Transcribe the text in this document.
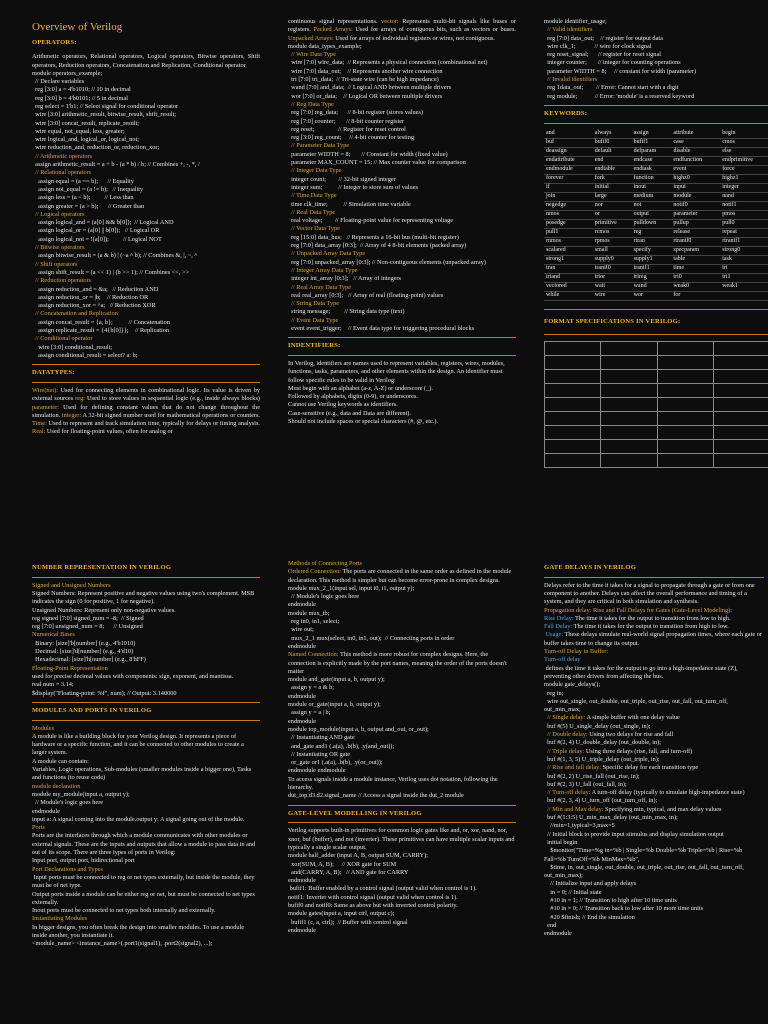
Overview of Verilog
OPERATORS:

Arithmetic operators, Relational operators, Logical operators, Bitwise operators, Shift operators, Reduction operators, Concatenation and Replication, Conditional operator

module operators_example;
// Declare variables
reg [3:0] a = 4'b1010; // 10 in decimal
reg [3:0] b = 4'b0101; // 5 in decimal
reg select = 1'b1; // Select signal for conditional operator
wire [3:0] arithmetic_result, bitwise_result, shift_result;
wire [3:0] concat_result, replicate_result;
wire equal, not_equal, less, greater;
wire logical_and, logical_or, logical_not;
wire reduction_and, reduction_or, reduction_xor;
// Arithmetic operators
assign arithmetic_result = a + b - (a * b) / b; // Combines +, -, *, /
// Relational operators
assign equal = (a == b);      // Equality
assign not_equal = (a != b);   // Inequality
assign less = (a < b);         // Less than
assign greater = (a > b);      // Greater than
// Logical operators
assign logical_and = (a[0] && b[0]);  // Logical AND
assign logical_or = (a[0] || b[0]);   // Logical OR
assign logical_not = !(a[0]);         // Logical NOT
// Bitwise operators
assign bitwise_result = (a & b) | (~a ^ b); // Combines &, |, ~, ^
// Shift operators
assign shift_result = (a << 1) | (b >> 1); // Combines <<, >>
// Reduction operators
assign reduction_and = &a;   // Reduction AND
assign reduction_or = |b;    // Reduction OR
assign reduction_xor = ^a;   // Reduction XOR
// Concatenation and Replication
assign concat_result = {a, b};          // Concatenation
assign replicate_result = {4{b[0]}};    // Replication
// Conditional operator
wire [3:0] conditional_result;
assign conditional_result = select? a: b;
DATATYPES:

Wire(net): Used for connecting elements in combinational logic. Its value is driven by external sources reg: Used to store values in sequential logic (e.g., inside always blocks) parameter: Used for defining constant values that do not change throughout the simulation. integer: A 32-bit signed number used for mathematical operations or counters. Time: Used to represent and track simulation time, typically for delays or timing analysis. Real: Used for floating-point values, often for analog or

NUMBER REPRESENTATION IN VERILOG
Signed and Unsigned Numbers
Signed Numbers: Represent positive and negative values using two's complement. MSB indicates the sign (0 for positive, 1 for negative).
Unsigned Numbers: Represent only non-negative values.
reg signed [7:0] signed_num = -8;  // Signed
reg [7:0] unsigned_num = 8;      // Unsigned
Numerical Bases
Binary: [size]'b[number] (e.g., 4'b1010)
Decimal: [size]'d[number] (e.g., 4'd10)
Hexadecimal: [size]'h[number] (e.g., 8'hFF)
Floating-Point Representation
used for precise decimal values with components: sign, exponent, and mantissa.
real num = 3.14;
$display("Floating-point: %f", num); // Output: 3.140000
MODULES AND PORTS IN VERILOG
Modules
A module is like a building block for your Verilog design. It represents a piece of hardware or a specific function, and it can be connected to other modules to create a larger system.
A module can contain:
Variables, Logic operations, Sub-modules (smaller modules inside a bigger one), Tasks and functions (to reuse code)
module declaration
module my_module(input a, output y);
// Module's logic goes here
endmodule
input a: A signal coming into the module.output y: A signal going out of the module.
Ports
Ports are the interfaces through which a module communicates with other modules or external signals. These are the inputs and outputs that allow a module to pass data in and out of its scope. There are three types of ports in Verilog:
Input port, output port, bidirectional port
Port Declarations and Types
Input ports must be connected to reg or net types externally, but inside the module, they must be of net type.
Output ports inside a module can be either reg or net, but must be connected to net types externally.
Inout ports must be connected to net types both internally and externally.
Instantiating Modules
In bigger designs, you often break the design into smaller modules. To use a module inside another, you instantiate it.
<module_name> <instance_name>(.port1(signal1), .port2(signal2), ...);

continuous signal representations. vector: Represents multi-bit signals like buses or registers. Packed Arrays: Used for arrays of contiguous bits, such as vectors or buses. Unpacked Arrays: Used for arrays of individual registers or wires, not contiguous.

module data_types_example;
// Wire Data Type
wire [7:0] wire_data;  // Represents a physical connection (combinational net)
wire [7:0] data_out;    // Represents another wire connection
tri [7:0] tri_data;  // Tri-state wire (can be high impedance)
wand [7:0] and_data;  // Logical AND between multiple drivers
wor [7:0] or_data;    // Logical OR between multiple drivers
// Reg Data Type
reg [7:0] reg_data;      // 8-bit register (stores values)
reg [7:0] counter;       // 8-bit counter register
reg reset;               // Register for reset control
reg [3:0] reg_count;     // 4-bit counter for testing
// Parameter Data Type
parameter WIDTH = 8;       // Constant for width (fixed value)
parameter MAX_COUNT = 15; // Max counter value for comparison
// Integer Data Type
integer count;        // 32-bit signed integer
integer sum;          // Integer to store sum of values
// Time Data Type
time clk_time;          // Simulation time variable
// Real Data Type
real voltage;        // Floating-point value for representing voltage
// Vector Data Type
reg [15:0] data_bus;   // Represents a 16-bit bus (multi-bit register)
reg [7:0] data_array [0:3];  // Array of 4 8-bit elements (packed array)
// Unpacked Array Data Type
reg [7:0] unpacked_array [0:3]; // Non-contiguous elements (unpacked array)
// Integer Array Data Type
integer int_array [0:3];   // Array of integers
// Real Array Data Type
real real_array [0:3];   // Array of real (floating-point) values
// String Data Type
string message;         // String data type (text)
// Event Data Type
event event_trigger;    // Event data type for triggering procedural blocks
INDENTIFIERS:
In Verilog, identifiers are names used to represent variables, registers, wires, modules, functions, tasks, parameters, and other elements within the design. An identifier must follow specific rules to be valid in Verilog:
Must begin with an alphabet (a-z, A-Z) or underscore (_).
Followed by alphabets, digits (0-9), or underscores.
Cannot use Verilog keywords as identifiers.
Case-sensitive (e.g., data and Data are different).
Should not include spaces or special characters (#, @, etc.).
Methods of Connecting Ports
Ordered Connection: The ports are connected in the same order as defined in the module declaration. This method is simpler but can become error-prone in complex designs.
module mux_2_1(input sel, input i0, i1, output y);
// Module's logic goes here
endmodule
module mux_tb;
reg in0, in1, select;
wire out;
mux_2_1 mux(select, in0, in1, out);  // Connecting ports in order
endmodule
Named Connection: This method is more robust for complex designs. Here, the connection is explicitly made by the port names, meaning the order of the ports doesn't matter
module and_gate(input a, b, output y);
assign y = a & b;
endmodule
module or_gate(input a, b, output y);
assign y = a | b;
endmodule
module top_module(input a, b, output and_out, or_out);
// Instantiating AND gate
and_gate and1 (.a(a), .b(b), .y(and_out));
// Instantiating OR gate
or_gate or1 (.a(a), .b(b), .y(or_out));
endmodule endmodule
To access signals inside a module instance, Verilog uses dot notation, following the hierarchy.
dut_top.d3.d2.signal_name // Access a signal inside the dut_2 module
GATE-LEVEL MODELLING IN VERILOG
Verilog supports built-in primitives for common logic gates like and, or, xor, nand, nor, xnor, buf (buffer), and not (inverter). These primitives can have multiple scalar inputs and typically a single scalar output.
module half_adder (input A, B, output SUM, CARRY);
xor(SUM, A, B);     // XOR gate for SUM
and(CARRY, A, B);   // AND gate for CARRY
endmodule
bufif1: Buffer enabled by a control signal (output valid when control is 1).
notif1: Inverter with control signal (output valid when control is 1).
bufif0 and notif0: Same as above but with inverted control polarity.
module gates(input a, input ctrl, output c);
bufif1 (c, a, ctrl);  // Buffer with control signal
endmodule
module identifier_usage;
// Valid identifiers
reg [7:0] data_out;    // register for output data
wire clk_1;            // wire for clock signal
reg reset_signal;      // register for reset signal
integer counter;       // integer for counting operations
parameter WIDTH = 8;     // constant for width (parameter)
// Invalid identifiers
reg 1data_out;        // Error: Cannot start with a digit
reg module;           // Error: 'module' is a reserved keyword
KEYWORDS:
and	always	assign	attribute	begin
buf	bufif0	bufif1	case	cmos
deassign	default	defparam	disable	else
endattribute	end	endcase	endfunction	endprimitive
endmodule	endtable	endtask	event	force
forever	fork	function	highz0	highz1
if	initial	inout	input	integer
join	large	medium	module	nand
negedge	nor	not	notif0	notif1
nmos	or	output	parameter	pmos
posedge	primitive	pulldown	pullup	pull0
pull1	rcmos	reg	release	repeat
rnmos	rpmos	rtran	rtranif0	rtranif1
scalared	small	specify	specparam	strong0
strong1	supply0	supply1	table	task
tran	tranif0	tranif1	time	tri
triand	trior	trireg	tri0	tri1
vectored	wait	wand	weak0	weak1
while	wire	wor	for	
FORMAT SPECIFICATIONS IN VERILOG:

GATE DELAYS IN VERILOG
Delays refer to the time it takes for a signal to propagate through a gate or from one component to another. Delays can affect the overall performance and timing of a system, and they are critical in both simulation and synthesis.
Propagation delay: Rise and Fall Delays for Gates (Gate-Level Modeling):
Rise Delay: The time it takes for the output to transition from low to high.
Fall Delay: The time it takes for the output to transition from high to low.
Usage: These delays simulate real-world signal propagation times, where each gate or buffer takes time to change its output.
Turn-off Delay in Buffer:
Turn-off delay
defines the time it takes for the output to go into a high-impedance state (Z), preventing other drivers from affecting the bus.
module gate_delays();
reg in;
wire out_single, out_double, out_triple, out_rise, out_fall, out_turn_off, out_min_max;
// Single delay: A simple buffer with one delay value
buf #(5) U_single_delay (out_single, in);
// Double delay: Using two delays for rise and fall
buf #(2, 4) U_double_delay (out_double, in);
// Triple delay: Using three delays (rise, fall, and turn-off)
buf #(1, 3, 5) U_triple_delay (out_triple, in);
// Rise and fall delay: Specific delay for each transition type
buf #(2, 2) U_rise_fall (out_rise, in);
buf #(2, 3) U_fall (out_fall, in);
// Turn-off delay: A turn-off delay (typically to simulate high-impedance state)
buf #(2, 3, 4) U_turn_off (out_turn_off, in);
// Min and Max delay: Specifying min, typical, and max delay values
buf #(1:3:5) U_min_max_delay (out_min_max, in);
//min=1,typical=3,max=5
// Initial block to provide input stimulus and display simulation output
initial begin
$monitor("Time=%g in=%b | Single=%b Double=%b Triple=%b | Rise=%b Fall=%b TurnOff=%b MinMax=%b",
$time, in, out_single, out_double, out_triple, out_rise, out_fall, out_turn_off, out_min_max);
// Initialize input and apply delays
in = 0; // Initial state
#10 in = 1; // Transition to high after 10 time units
#10 in = 0; // Transition back to low after 10 more time units
#20 $finish; // End the simulation
end
endmodule
